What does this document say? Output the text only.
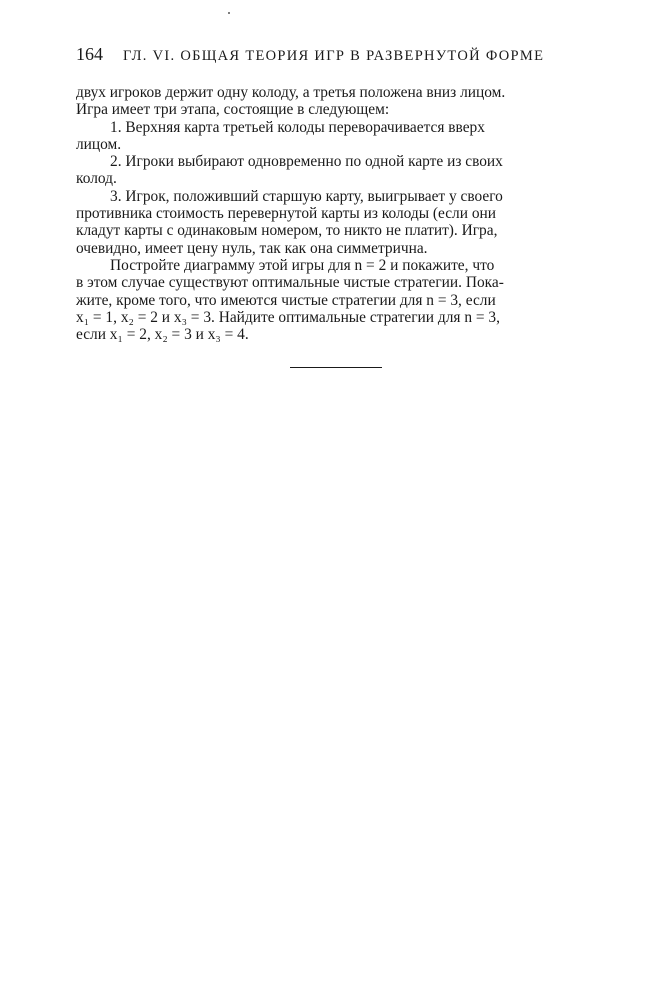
164 ГЛ. VI. ОБЩАЯ ТЕОРИЯ ИГР В РАЗВЕРНУТОЙ ФОРМЕ

двух игроков держит одну колоду, а третья положена вниз лицом.
Игра имеет три этапа, состоящие в следующем:

1. Верхняя карта третьей колоды переворачивается вверх
лицом.

2. Игроки выбирают одновременно по одной карте из своих
колод.

3. Игрок, положивший старшую карту, выигрывает у своего
противника стоимость перевернутой карты из колоды (если они
кладут карты с одинаковым номером, то никто не платит). Игра,
очевидно, имеет цену нуль, так как она симметрична.

Постройте диаграмму этой игры для n = 2 и покажите, что
в этом случае существуют оптимальные чистые стратегии. Пока-
жите, кроме того, что имеются чистые стратегии для n = 3, если
x₁ = 1, x₂ = 2 и x₃ = 3. Найдите оптимальные стратегии для n = 3,
если x₁ = 2, x₂ = 3 и x₃ = 4.
